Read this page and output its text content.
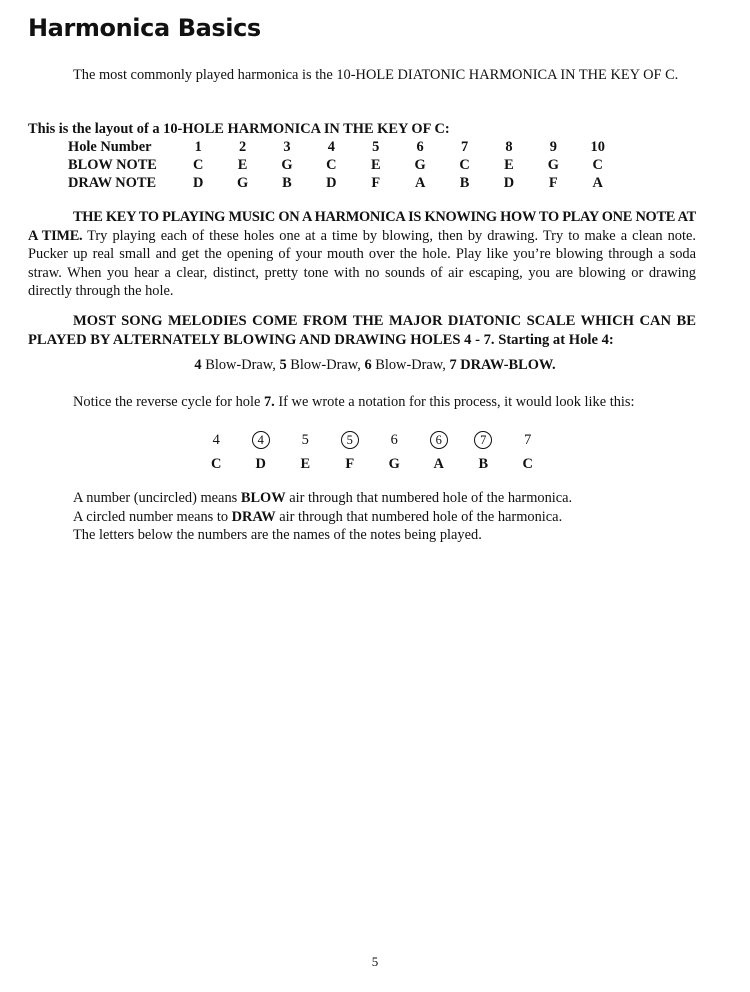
Harmonica Basics

The most commonly played harmonica is the 10-HOLE DIATONIC HARMONICA IN THE KEY OF C.

This is the layout of a 10-HOLE HARMONICA IN THE KEY OF C:

Hole Number	1	2	3	4	5	6	7	8	9	10
BLOW NOTE	C	E	G	C	E	G	C	E	G	C
DRAW NOTE	D	G	B	D	F	A	B	D	F	A

THE KEY TO PLAYING MUSIC ON A HARMONICA IS KNOWING HOW TO PLAY ONE NOTE AT A TIME. Try playing each of these holes one at a time by blowing, then by drawing. Try to make a clean note. Pucker up real small and get the opening of your mouth over the hole. Play like you’re blowing through a soda straw. When you hear a clear, distinct, pretty tone with no sounds of air escaping, you are blowing or drawing directly through the hole.

MOST SONG MELODIES COME FROM THE MAJOR DIATONIC SCALE WHICH CAN BE PLAYED BY ALTERNATELY BLOWING AND DRAWING HOLES 4 - 7. Starting at Hole 4:

4 Blow-Draw, 5 Blow-Draw, 6 Blow-Draw, 7 DRAW-BLOW.

Notice the reverse cycle for hole 7. If we wrote a notation for this process, it would look like this:

4	4	5	5	6	6	7	7
C	D	E	F	G	A	B	C

A number (uncircled) means BLOW air through that numbered hole of the harmonica.

A circled number means to DRAW air through that numbered hole of the harmonica.

The letters below the numbers are the names of the notes being played.

5
